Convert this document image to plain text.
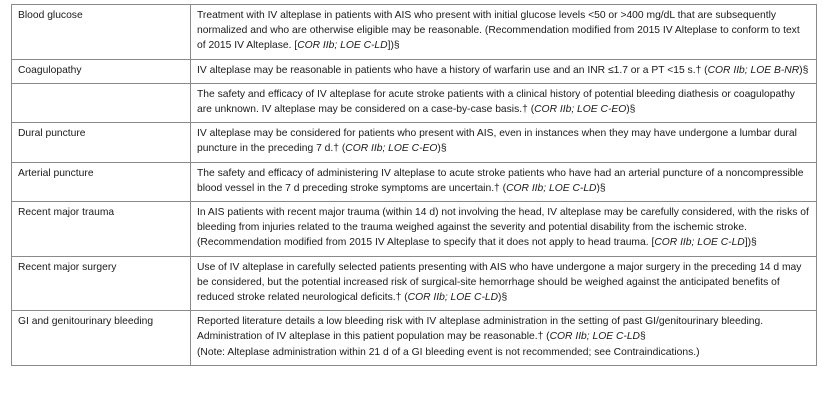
Blood glucose	Treatment with IV alteplase in patients with AIS who present with initial glucose levels <50 or >400 mg/dL that are subsequently normalized and who are otherwise eligible may be reasonable. (Recommendation modified from 2015 IV Alteplase to conform to text of 2015 IV Alteplase. [COR IIb; LOE C-LD])§
Coagulopathy	IV alteplase may be reasonable in patients who have a history of warfarin use and an INR ≤1.7 or a PT <15 s.† (COR IIb; LOE B-NR)§
	The safety and efficacy of IV alteplase for acute stroke patients with a clinical history of potential bleeding diathesis or coagulopathy are unknown. IV alteplase may be considered on a case-by-case basis.† (COR IIb; LOE C-EO)§
Dural puncture	IV alteplase may be considered for patients who present with AIS, even in instances when they may have undergone a lumbar dural puncture in the preceding 7 d.† (COR IIb; LOE C-EO)§
Arterial puncture	The safety and efficacy of administering IV alteplase to acute stroke patients who have had an arterial puncture of a noncompressible blood vessel in the 7 d preceding stroke symptoms are uncertain.† (COR IIb; LOE C-LD)§
Recent major trauma	In AIS patients with recent major trauma (within 14 d) not involving the head, IV alteplase may be carefully considered, with the risks of bleeding from injuries related to the trauma weighed against the severity and potential disability from the ischemic stroke. (Recommendation modified from 2015 IV Alteplase to specify that it does not apply to head trauma. [COR IIb; LOE C-LD])§
Recent major surgery	Use of IV alteplase in carefully selected patients presenting with AIS who have undergone a major surgery in the preceding 14 d may be considered, but the potential increased risk of surgical-site hemorrhage should be weighed against the anticipated benefits of reduced stroke related neurological deficits.† (COR IIb; LOE C-LD)§
GI and genitourinary bleeding	Reported literature details a low bleeding risk with IV alteplase administration in the setting of past GI/genitourinary bleeding. Administration of IV alteplase in this patient population may be reasonable.† (COR IIb; LOE C-LD§
(Note: Alteplase administration within 21 d of a GI bleeding event is not recommended; see Contraindications.)
